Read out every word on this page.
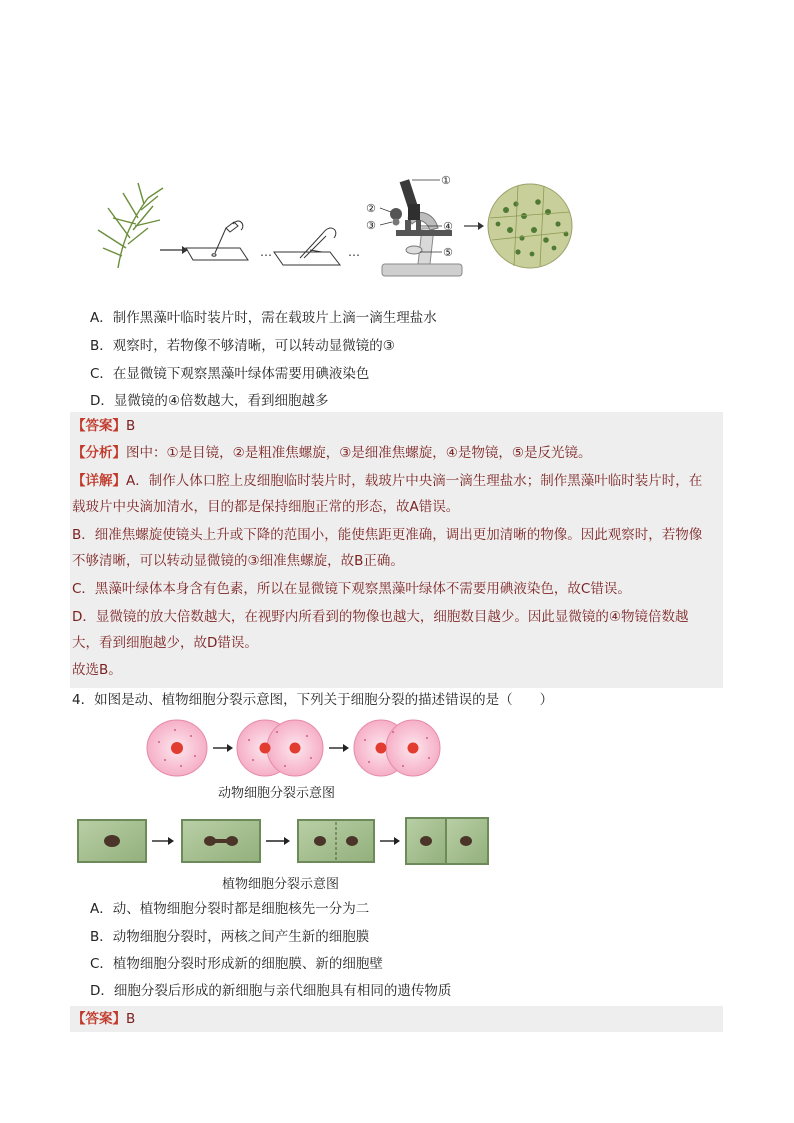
…	…
①
②
③	④
⑤
A．制作黑藻叶临时装片时，需在载玻片上滴一滴生理盐水
B．观察时，若物像不够清晰，可以转动显微镜的③
C．在显微镜下观察黑藻叶绿体需要用碘液染色
D．显微镜的④倍数越大，看到细胞越多
【答案】B
【分析】图中：①是目镜，②是粗准焦螺旋，③是细准焦螺旋，④是物镜，⑤是反光镜。
【详解】A．制作人体口腔上皮细胞临时装片时，载玻片中央滴一滴生理盐水；制作黑藻叶临时装片时，在
载玻片中央滴加清水，目的都是保持细胞正常的形态，故A错误。
B．细准焦螺旋使镜头上升或下降的范围小，能使焦距更准确，调出更加清晰的物像。因此观察时，若物像
不够清晰，可以转动显微镜的③细准焦螺旋，故B正确。
C．黑藻叶绿体本身含有色素，所以在显微镜下观察黑藻叶绿体不需要用碘液染色，故C错误。
D．显微镜的放大倍数越大，在视野内所看到的物像也越大，细胞数目越少。因此显微镜的④物镜倍数越
大，看到细胞越少，故D错误。
故选B。
4．如图是动、植物细胞分裂示意图，下列关于细胞分裂的描述错误的是（　　）
动物细胞分裂示意图
植物细胞分裂示意图
A．动、植物细胞分裂时都是细胞核先一分为二
B．动物细胞分裂时，两核之间产生新的细胞膜
C．植物细胞分裂时形成新的细胞膜、新的细胞壁
D．细胞分裂后形成的新细胞与亲代细胞具有相同的遗传物质
【答案】B
